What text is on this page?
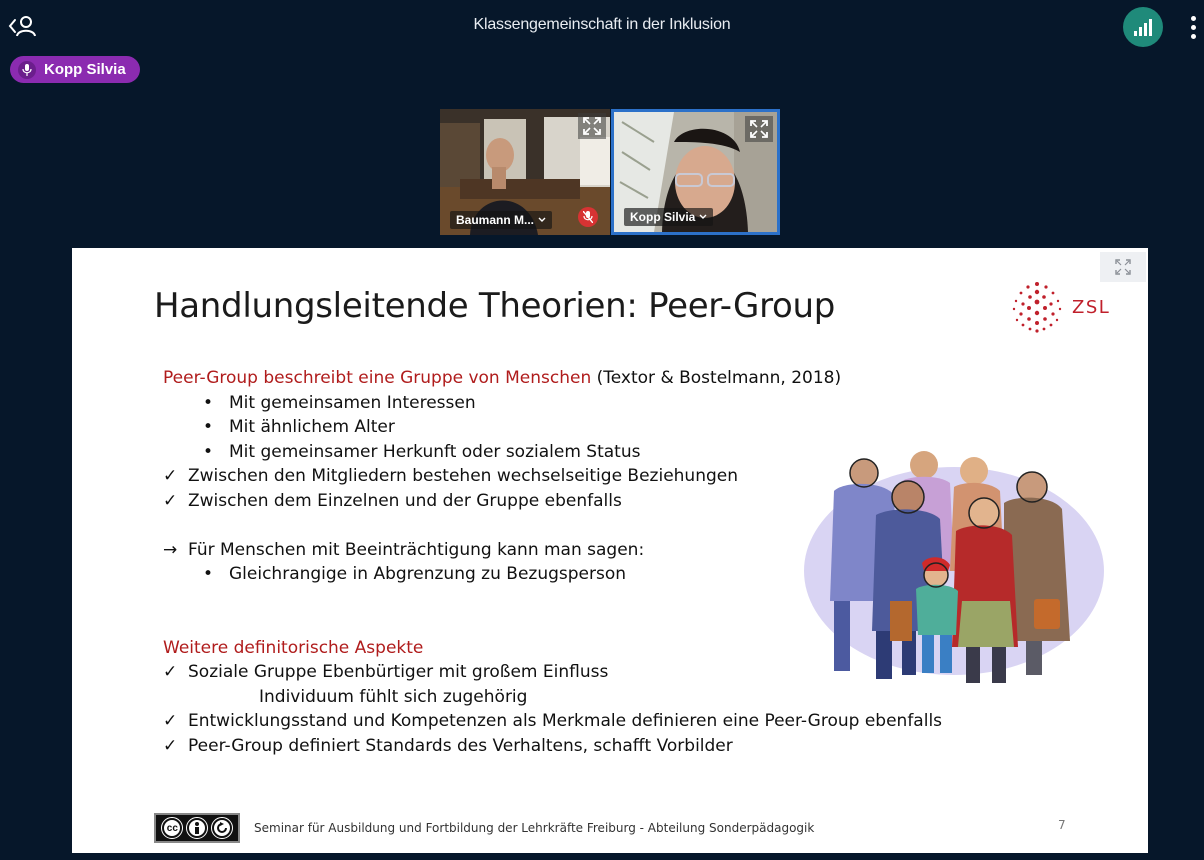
Klassengemeinschaft in der Inklusion
Kopp Silvia
Baumann M...	Kopp Silvia
Handlungsleitende Theorien: Peer-Group	ZSL
Peer-Group beschreibt eine Gruppe von Menschen (Textor & Bostelmann, 2018)
• Mit gemeinsamen Interessen
• Mit ähnlichem Alter
• Mit gemeinsamer Herkunft oder sozialem Status
✓ Zwischen den Mitgliedern bestehen wechselseitige Beziehungen
✓ Zwischen dem Einzelnen und der Gruppe ebenfalls
→ Für Menschen mit Beeinträchtigung kann man sagen:
• Gleichrangige in Abgrenzung zu Bezugsperson
Weitere definitorische Aspekte
✓ Soziale Gruppe Ebenbürtiger mit großem Einfluss
Individuum fühlt sich zugehörig
✓ Entwicklungsstand und Kompetenzen als Merkmale definieren eine Peer-Group ebenfalls
✓ Peer-Group definiert Standards des Verhaltens, schafft Vorbilder
cc	Seminar für Ausbildung und Fortbildung der Lehrkräfte Freiburg - Abteilung Sonderpädagogik	7
